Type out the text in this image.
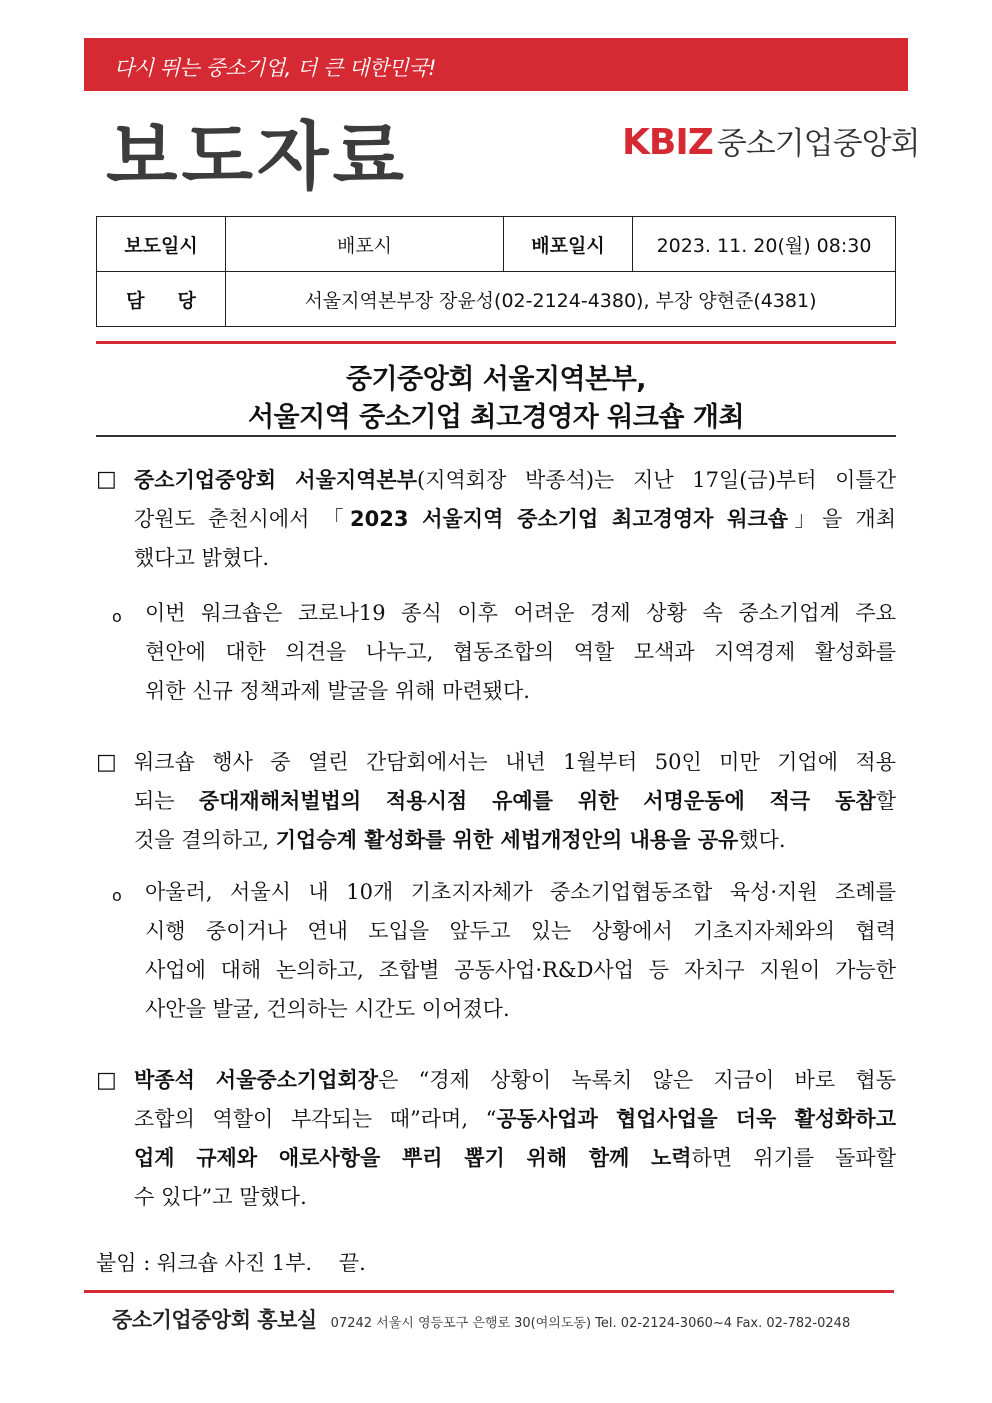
다시 뛰는 중소기업, 더 큰 대한민국!
보도자료	KBIZ 중소기업중앙회
보도일시	배포시	배포일시	2023. 11. 20(월) 08:30
담     당	서울지역본부장 장윤성(02-2124-4380), 부장 양현준(4381)		
중기중앙회 서울지역본부,
서울지역 중소기업 최고경영자 워크숍 개최
□ 중소기업중앙회 서울지역본부(지역회장 박종석)는 지난 17일(금)부터 이틀간
강원도 춘천시에서 「2023 서울지역 중소기업 최고경영자 워크숍」을 개최
했다고 밝혔다.
o 이번 워크숍은 코로나19 종식 이후 어려운 경제 상황 속 중소기업계 주요
현안에 대한 의견을 나누고, 협동조합의 역할 모색과 지역경제 활성화를
위한 신규 정책과제 발굴을 위해 마련됐다.
□ 워크숍 행사 중 열린 간담회에서는 내년 1월부터 50인 미만 기업에 적용
되는 중대재해처벌법의 적용시점 유예를 위한 서명운동에 적극 동참할
것을 결의하고, 기업승계 활성화를 위한 세법개정안의 내용을 공유했다.
o 아울러, 서울시 내 10개 기초지자체가 중소기업협동조합 육성·지원 조례를
시행 중이거나 연내 도입을 앞두고 있는 상황에서 기초지자체와의 협력
사업에 대해 논의하고, 조합별 공동사업·R&D사업 등 자치구 지원이 가능한
사안을 발굴, 건의하는 시간도 이어졌다.
□ 박종석 서울중소기업회장은 “경제 상황이 녹록치 않은 지금이 바로 협동
조합의 역할이 부각되는 때”라며, “공동사업과 협업사업을 더욱 활성화하고
업계 규제와 애로사항을 뿌리 뽑기 위해 함께 노력하면 위기를 돌파할
수 있다”고 말했다.
붙임 : 워크숍 사진 1부.    끝.
중소기업중앙회 홍보실 07242 서울시 영등포구 은행로 30(여의도동) Tel. 02-2124-3060~4 Fax. 02-782-0248
